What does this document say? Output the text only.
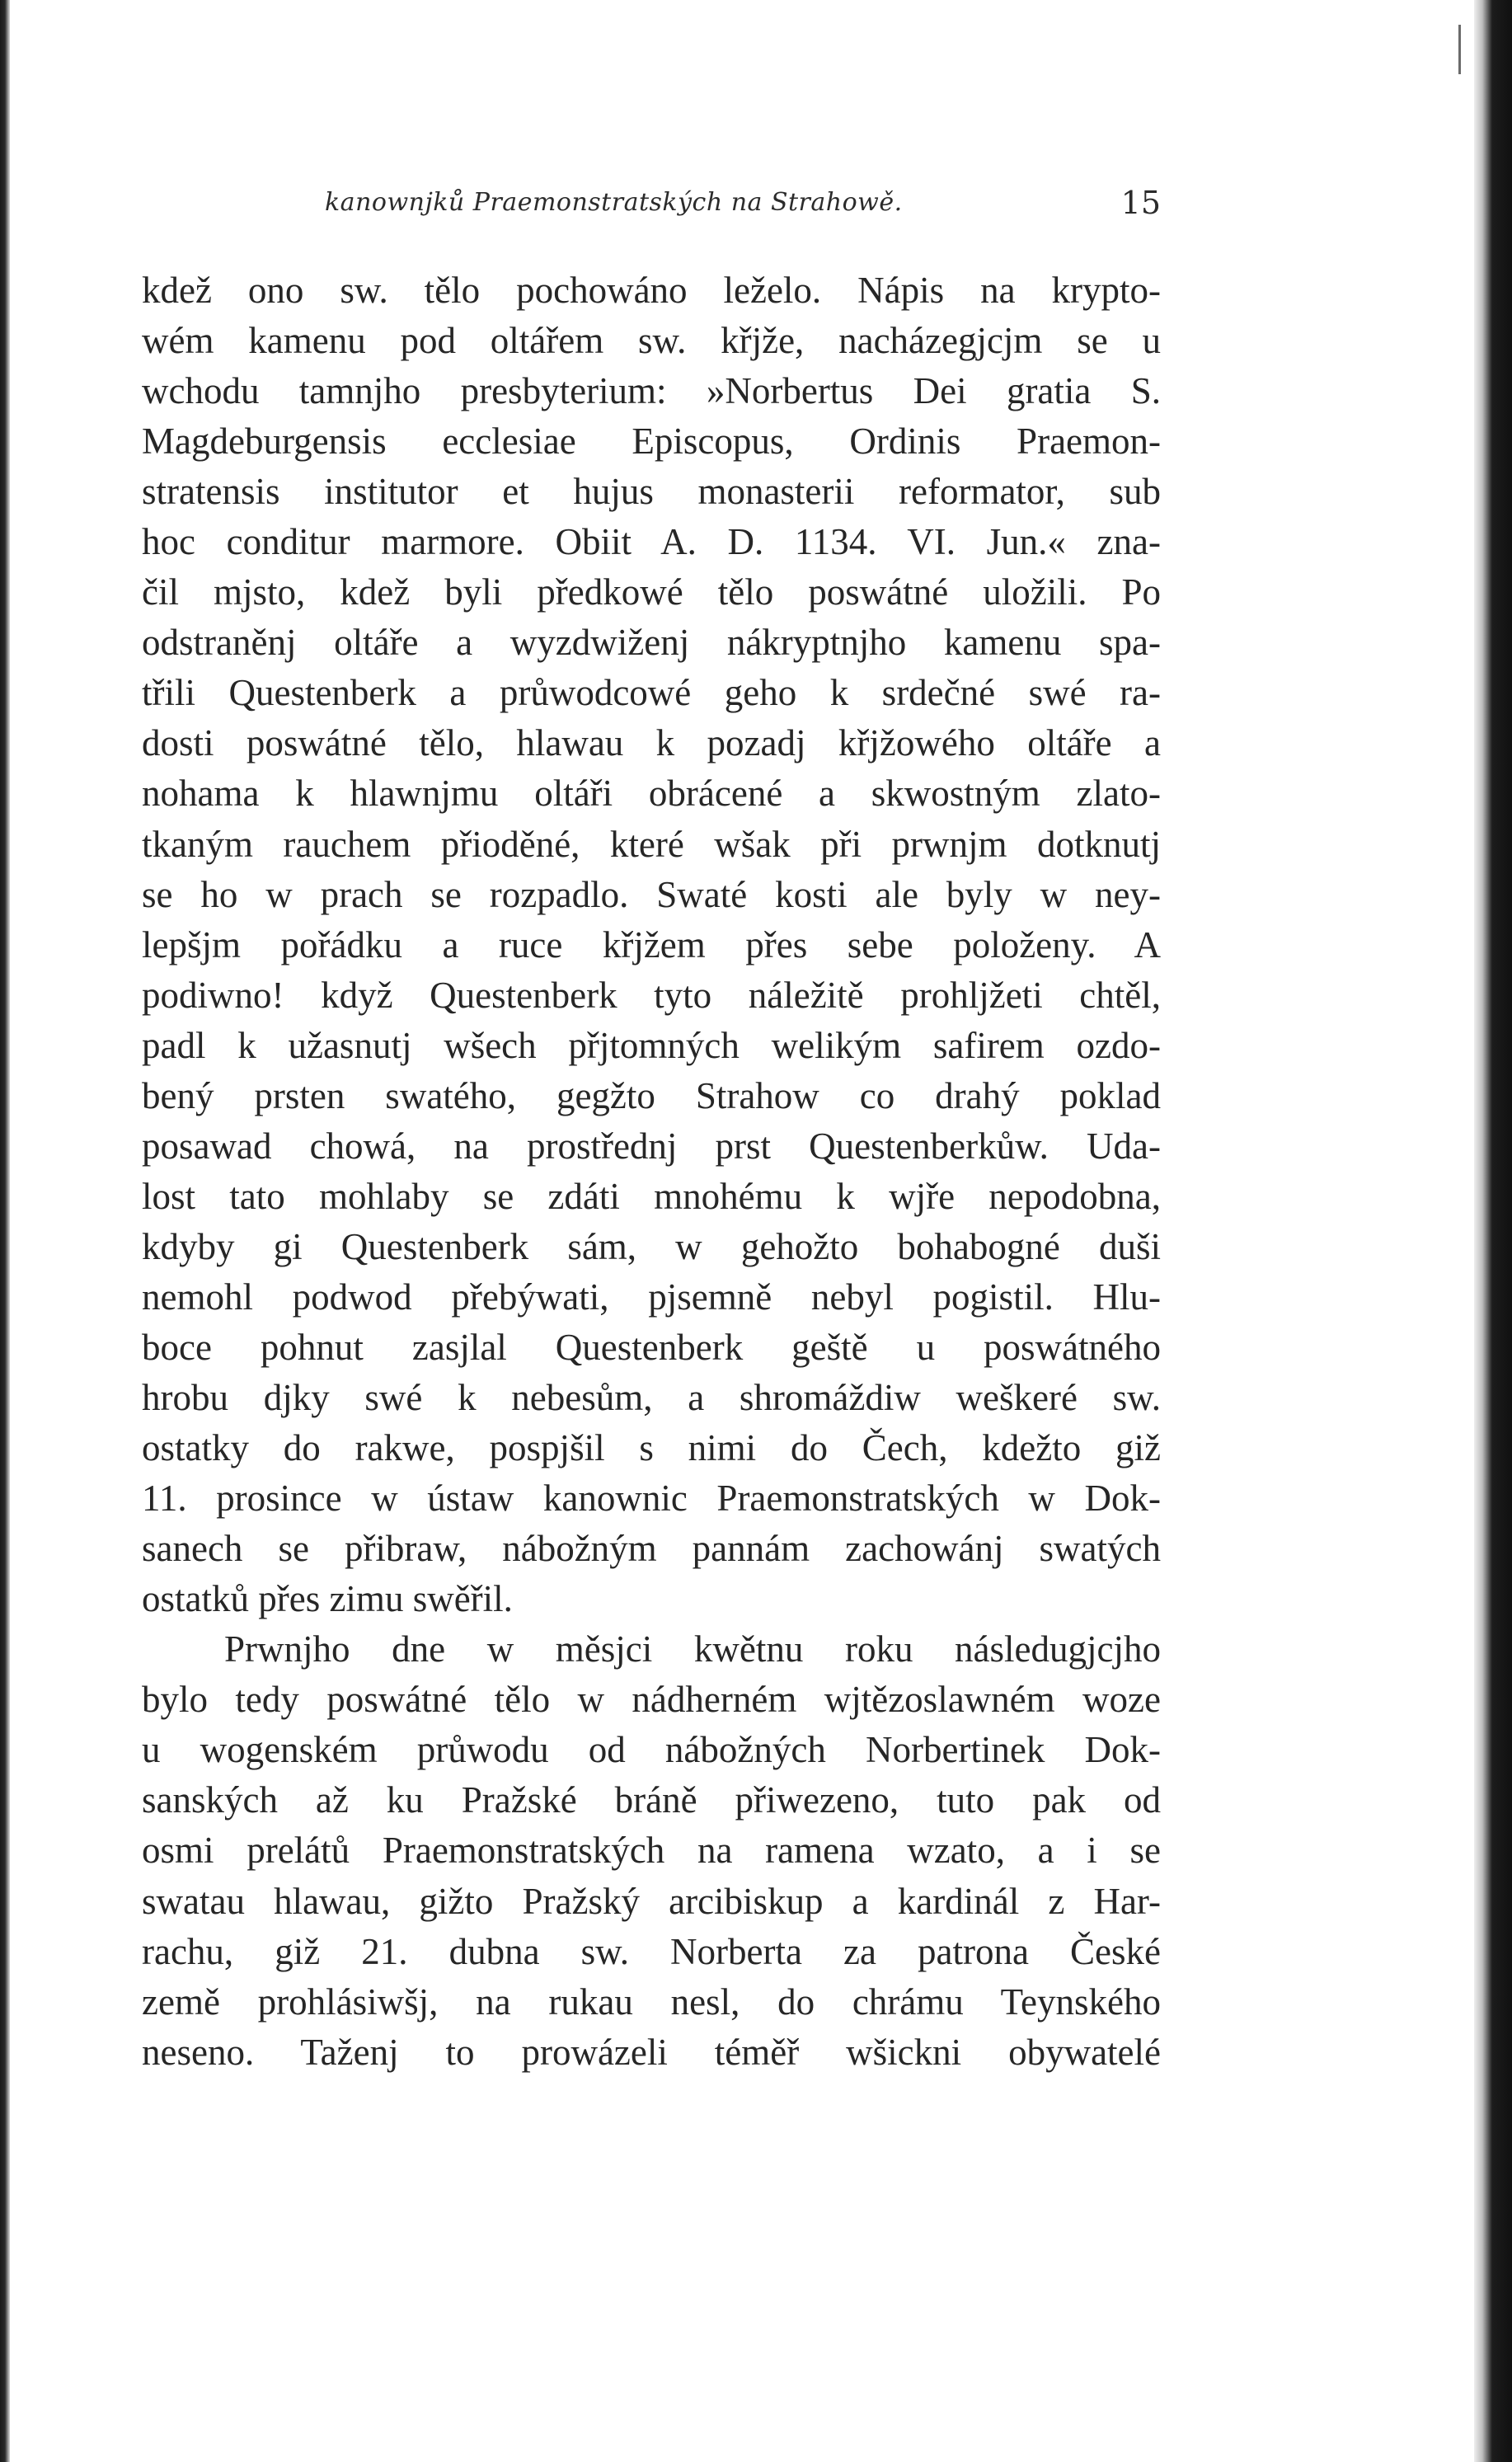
kanownjků Praemonstratských na Strahowě.	15
kdež ono sw. tělo pochowáno leželo. Nápis na krypto-
wém kamenu pod oltářem sw. křjže, nacházegjcjm se u
wchodu tamnjho presbyterium: »Norbertus Dei gratia S.
Magdeburgensis ecclesiae Episcopus, Ordinis Praemon-
stratensis institutor et hujus monasterii reformator, sub
hoc conditur marmore. Obiit A. D. 1134. VI. Jun.« zna-
čil mjsto, kdež byli předkowé tělo poswátné uložili. Po
odstraněnj oltáře a wyzdwiženj nákryptnjho kamenu spa-
třili Questenberk a průwodcowé geho k srdečné swé ra-
dosti poswátné tělo, hlawau k pozadj křjžowého oltáře a
nohama k hlawnjmu oltáři obrácené a skwostným zlato-
tkaným rauchem přioděné, které wšak při prwnjm dotknutj
se ho w prach se rozpadlo. Swaté kosti ale byly w ney-
lepšjm pořádku a ruce křjžem přes sebe položeny. A
podiwno! když Questenberk tyto náležitě prohljžeti chtěl,
padl k užasnutj wšech přjtomných welikým safirem ozdo-
bený prsten swatého, gegžto Strahow co drahý poklad
posawad chowá, na prostřednj prst Questenberkůw. Uda-
lost tato mohlaby se zdáti mnohému k wjře nepodobna,
kdyby gi Questenberk sám, w gehožto bohabogné duši
nemohl podwod přebýwati, pjsemně nebyl pogistil. Hlu-
boce pohnut zasjlal Questenberk geště u poswátného
hrobu djky swé k nebesům, a shromáždiw weškeré sw.
ostatky do rakwe, pospjšil s nimi do Čech, kdežto giž
11. prosince w ústaw kanownic Praemonstratských w Dok-
sanech se přibraw, nábožným pannám zachowánj swatých
ostatků přes zimu swěřil.
Prwnjho dne w měsjci kwětnu roku následugjcjho
bylo tedy poswátné tělo w nádherném wjtězoslawném woze
u wogenském průwodu od nábožných Norbertinek Dok-
sanských až ku Pražské bráně přiwezeno, tuto pak od
osmi prelátů Praemonstratských na ramena wzato, a i se
swatau hlawau, gižto Pražský arcibiskup a kardinál z Har-
rachu, giž 21. dubna sw. Norberta za patrona České
země prohlásiwšj, na rukau nesl, do chrámu Teynského
neseno. Taženj to prowázeli téměř wšickni obywatelé
